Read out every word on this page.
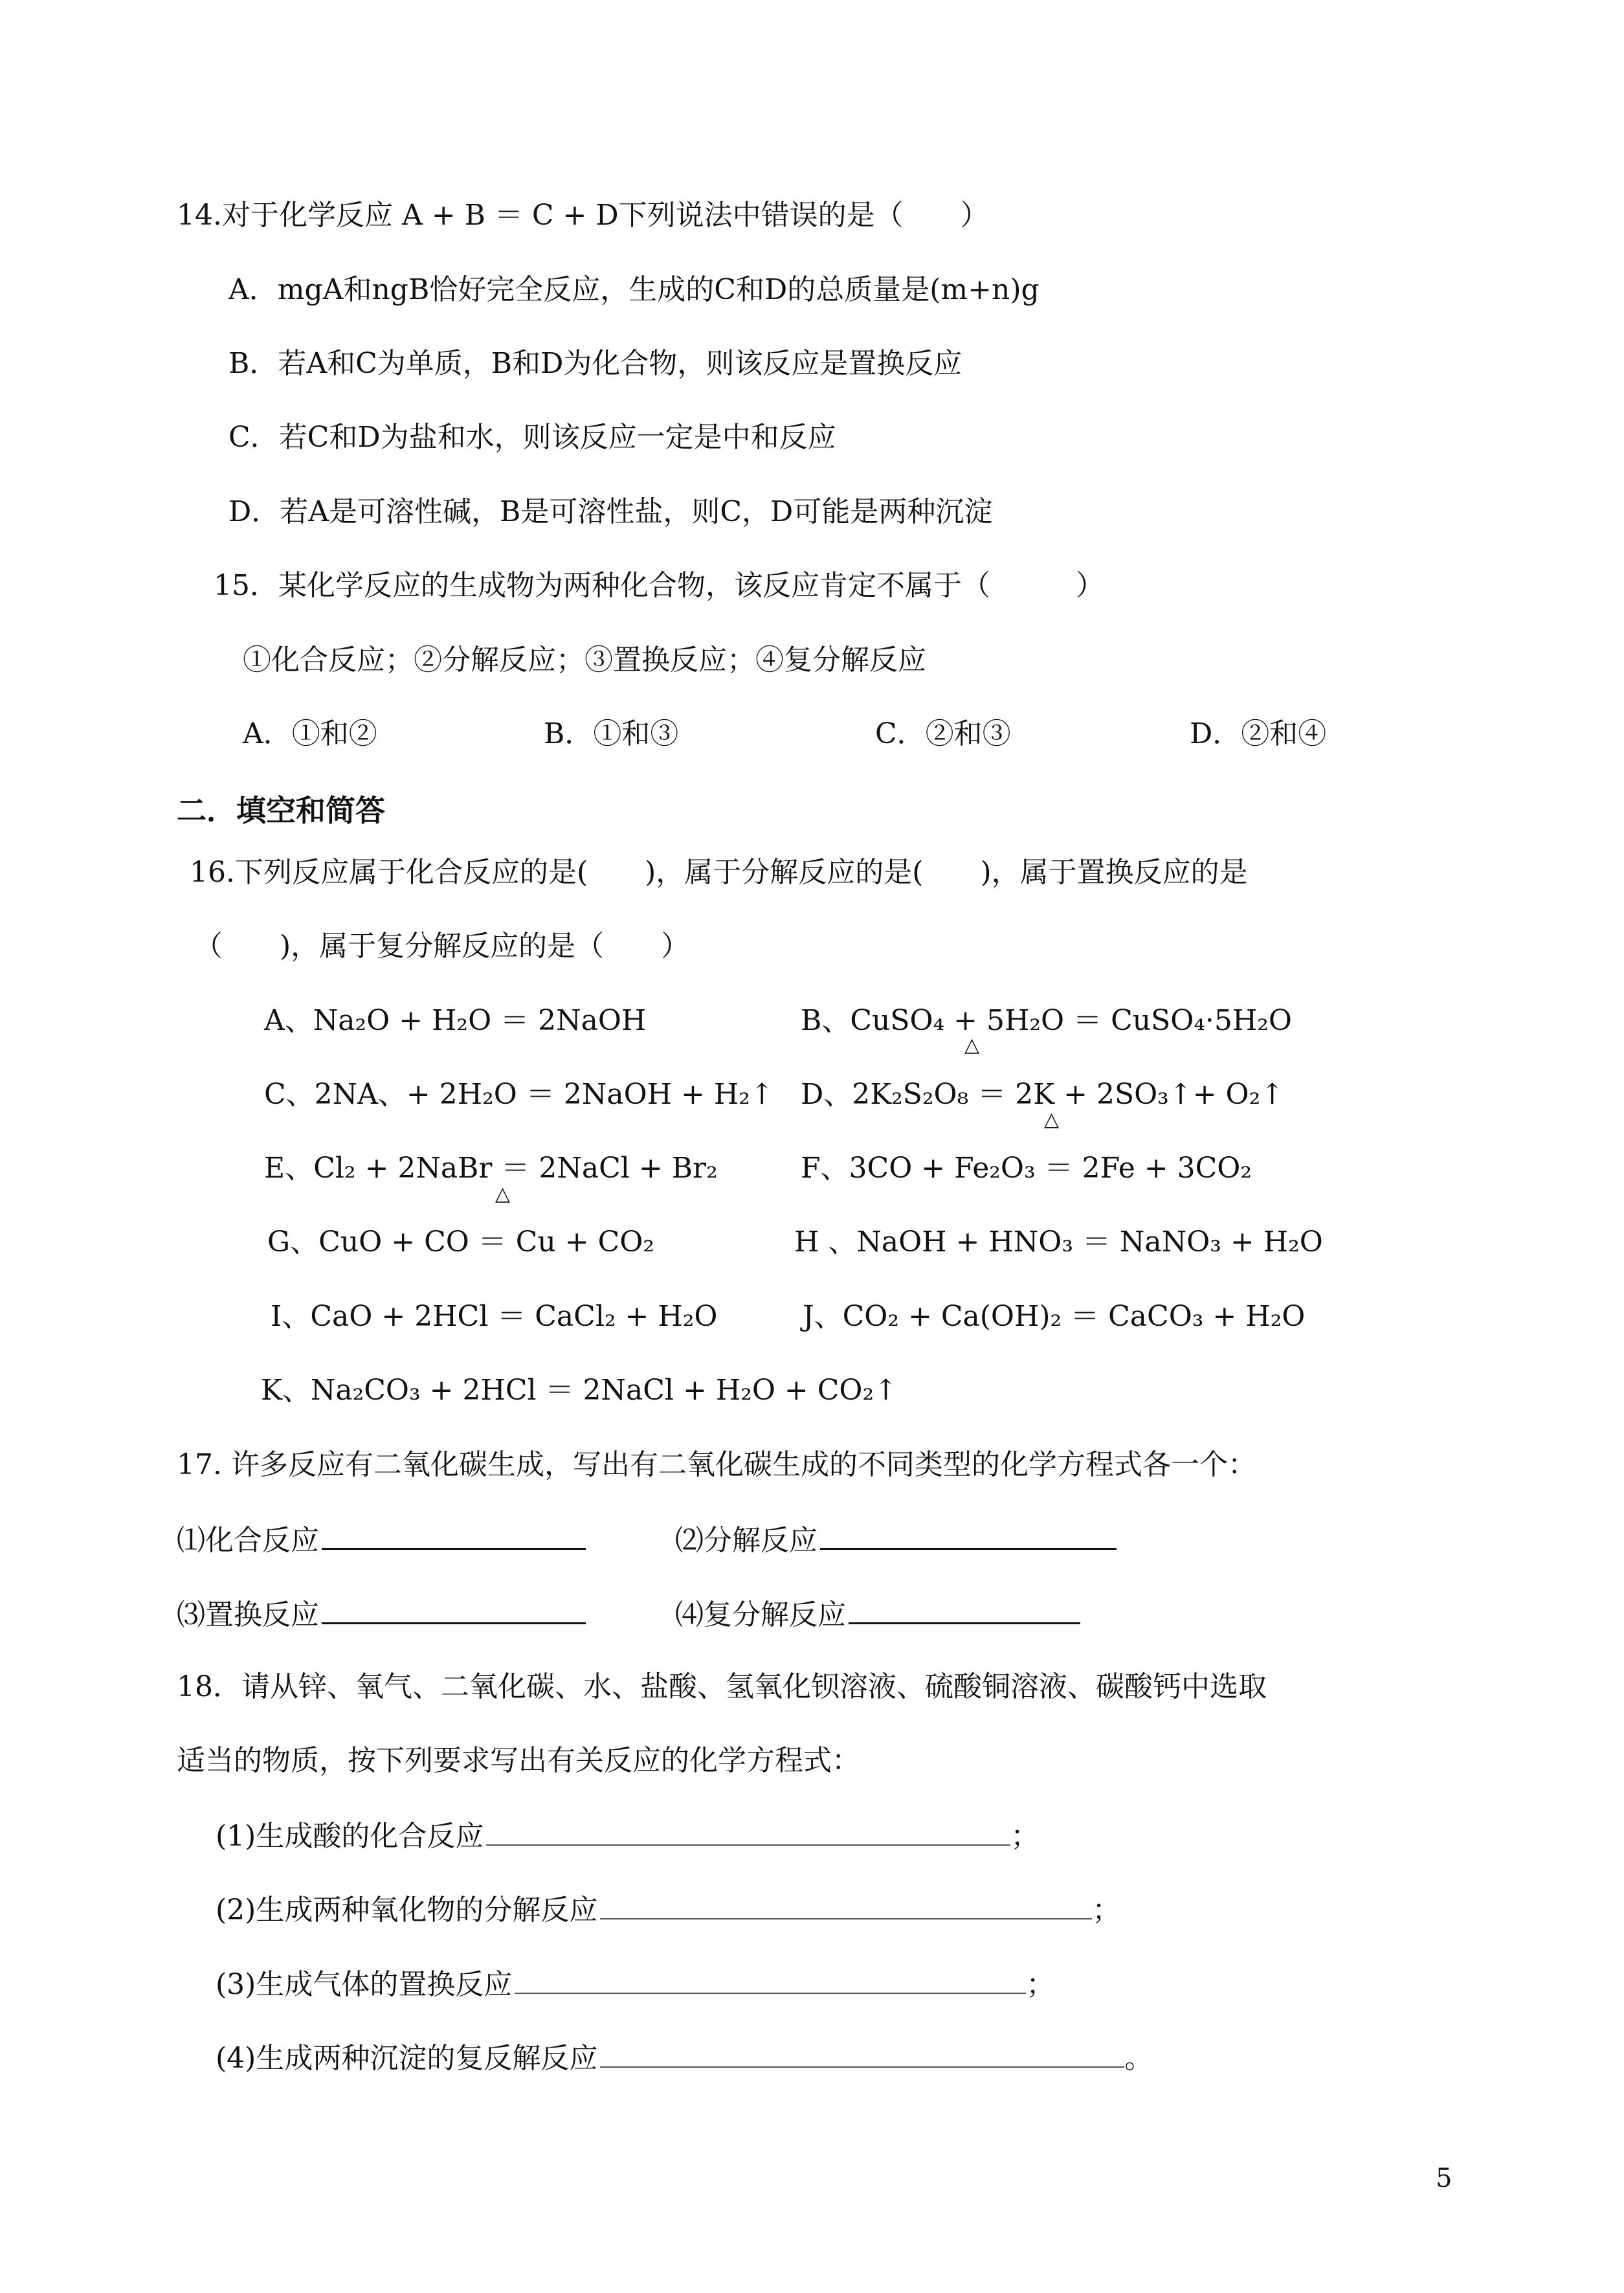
14.对于化学反应 A + B ＝ C + D下列说法中错误的是（　　）
A．mgA和ngB恰好完全反应，生成的C和D的总质量是(m+n)g
B．若A和C为单质，B和D为化合物，则该反应是置换反应
C．若C和D为盐和水，则该反应一定是中和反应
D．若A是可溶性碱，B是可溶性盐，则C，D可能是两种沉淀
15．某化学反应的生成物为两种化合物，该反应肯定不属于（　　　）
①化合反应；②分解反应；③置换反应；④复分解反应
A．①和②	B．①和③	C．②和③	D．②和④
二．填空和简答
16.下列反应属于化合反应的是(　　)，属于分解反应的是(　　)，属于置换反应的是
（　　)，属于复分解反应的是（　　）
A、Na₂O + H₂O ＝ 2NaOH	B、CuSO₄ + 5H₂O ＝ CuSO₄·5H₂O
△
C、2NA、+ 2H₂O ＝ 2NaOH + H₂↑ D、2K₂S₂O₈ ＝ 2K + 2SO₃↑+ O₂↑
△
E、Cl₂ + 2NaBr ＝ 2NaCl + Br₂	F、3CO + Fe₂O₃ ＝ 2Fe + 3CO₂
△
G、CuO + CO ＝ Cu + CO₂	H 、NaOH + HNO₃ ＝ NaNO₃ + H₂O
I、CaO + 2HCl ＝ CaCl₂ + H₂O	J、CO₂ + Ca(OH)₂ ＝ CaCO₃ + H₂O
K、Na₂CO₃ + 2HCl ＝ 2NaCl + H₂O + CO₂↑
17. 许多反应有二氧化碳生成，写出有二氧化碳生成的不同类型的化学方程式各一个：
⑴化合反应	⑵分解反应
⑶置换反应	⑷复分解反应
18．请从锌、氧气、二氧化碳、水、盐酸、氢氧化钡溶液、硫酸铜溶液、碳酸钙中选取
适当的物质，按下列要求写出有关反应的化学方程式：
(1)生成酸的化合反应	；
(2)生成两种氧化物的分解反应	；
(3)生成气体的置换反应	；
(4)生成两种沉淀的复反解反应	。
5
